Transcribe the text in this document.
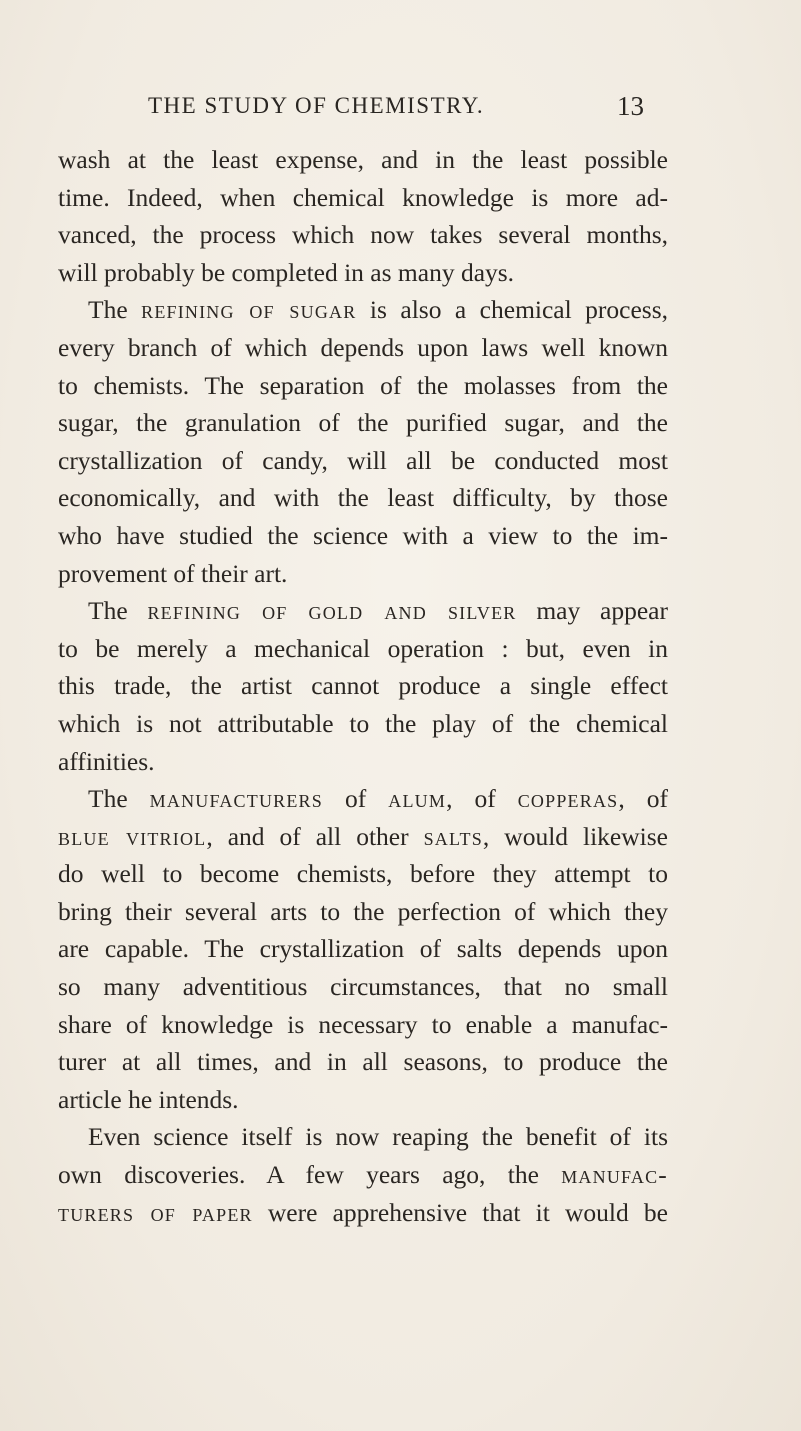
THE STUDY OF CHEMISTRY.	13
wash at the least expense, and in the least possible
time. Indeed, when chemical knowledge is more ad-
vanced, the process which now takes several months,
will probably be completed in as many days.
The refining of sugar is also a chemical process,
every branch of which depends upon laws well known
to chemists. The separation of the molasses from the
sugar, the granulation of the purified sugar, and the
crystallization of candy, will all be conducted most
economically, and with the least difficulty, by those
who have studied the science with a view to the im-
provement of their art.
The refining of gold and silver may appear
to be merely a mechanical operation : but, even in
this trade, the artist cannot produce a single effect
which is not attributable to the play of the chemical
affinities.
The manufacturers of alum, of copperas, of
blue vitriol, and of all other salts, would likewise
do well to become chemists, before they attempt to
bring their several arts to the perfection of which they
are capable. The crystallization of salts depends upon
so many adventitious circumstances, that no small
share of knowledge is necessary to enable a manufac-
turer at all times, and in all seasons, to produce the
article he intends.
Even science itself is now reaping the benefit of its
own discoveries. A few years ago, the manufac-
turers of paper were apprehensive that it would be
